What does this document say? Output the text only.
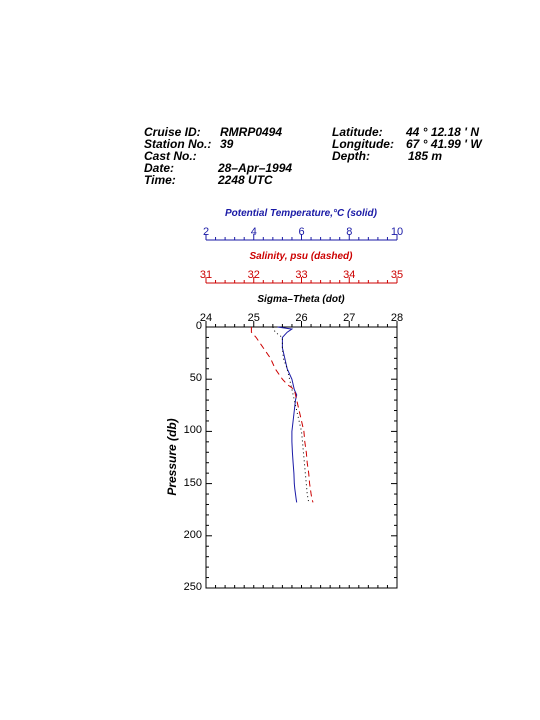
Cruise ID: RMRP0494
Station No.: 39
Cast No.:
Date:	28–Apr–1994
Time:	2248 UTC
Latitude: 44 ° 12.18 ' N
Longitude: 67 ° 41.99 ' W
Depth:	185 m
Potential Temperature,°C (solid)
Salinity, psu (dashed)
Sigma–Theta (dot)
2	4	6	8	10
31	32	33	34	35
24	25	26	27	28
0
50
100
150
200
250
Pressure (db)
